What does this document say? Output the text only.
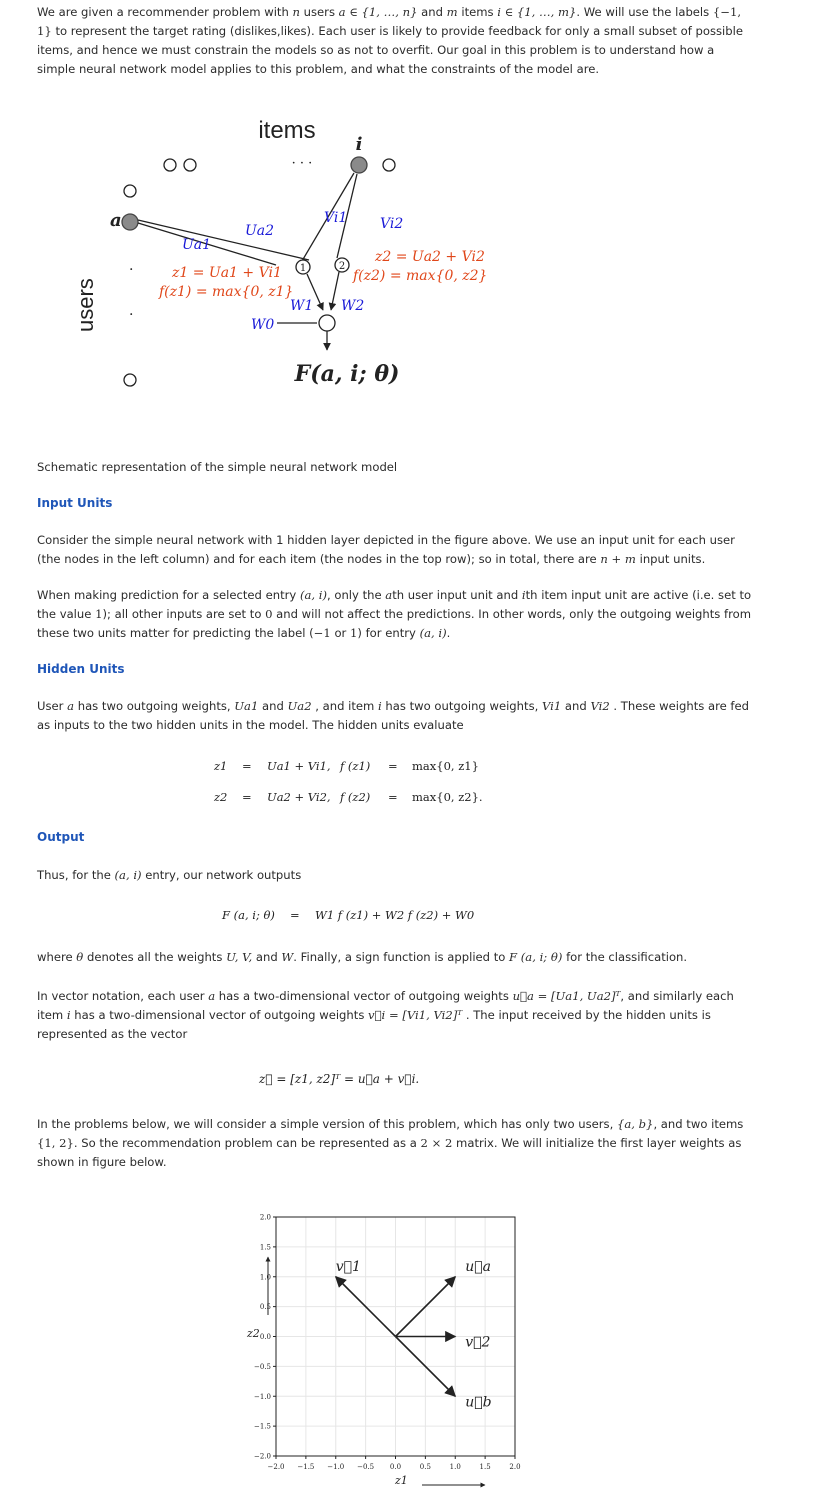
We are given a recommender problem with n users a ∈ {1, …, n} and m items i ∈ {1, …, m}. We will use the labels {−1, 1} to represent the target rating (dislikes,likes). Each user is likely to provide feedback for only a small subset of possible items, and hence we must constrain the models so as not to overfit. Our goal in this problem is to understand how a simple neural network model applies to this problem, and what the constraints of the model are.

items
· · ·
i
a
.
.
users
1	2
Ua1
Ua2
Vi1 Vi2
W1 W2
W0
z1 = Ua1 + Vi1
f(z1) = max{0, z1}
z2 = Ua2 + Vi2
f(z2) = max{0, z2}
F(a, i; θ)

Schematic representation of the simple neural network model

Input Units

Consider the simple neural network with 1 hidden layer depicted in the figure above. We use an input unit for each user (the nodes in the left column) and for each item (the nodes in the top row); so in total, there are n + m input units.

When making prediction for a selected entry (a, i), only the ath user input unit and ith item input unit are active (i.e. set to the value 1); all other inputs are set to 0 and will not affect the predictions. In other words, only the outgoing weights from these two units matter for predicting the label (−1 or 1) for entry (a, i).

Hidden Units

User a has two outgoing weights, Ua1 and Ua2 , and item i has two outgoing weights, Vi1 and Vi2 . These weights are fed as inputs to the two hidden units in the model. The hidden units evaluate

z1 = Ua1 + Vi1, f (z1) = max{0, z1}
z2 = Ua2 + Vi2, f (z2) = max{0, z2}.
Output

Thus, for the (a, i) entry, our network outputs

F (a, i; θ) = W1 f (z1) + W2 f (z2) + W0

where θ denotes all the weights U, V, and W. Finally, a sign function is applied to F (a, i; θ) for the classification.

In vector notation, each user a has a two-dimensional vector of outgoing weights u⃗a = [Ua1, Ua2]ᵀ, and similarly each item i has a two-dimensional vector of outgoing weights v⃗i = [Vi1, Vi2]ᵀ . The input received by the hidden units is represented as the vector

z⃗ = [z1, z2]ᵀ = u⃗a + v⃗i.

In the problems below, we will consider a simple version of this problem, which has only two users, {a, b}, and two items {1, 2}. So the recommendation problem can be represented as a 2 × 2 matrix. We will initialize the first layer weights as shown in figure below.

−2.0 −1.5 −1.0 −0.5 0.0	0.5	1.0	1.5	2.0
2.0
1.5
1.0
0.5
0.0
−0.5
−1.0
−1.5
−2.0
v⃗1	u⃗a
v⃗2
u⃗b
z2
z1
